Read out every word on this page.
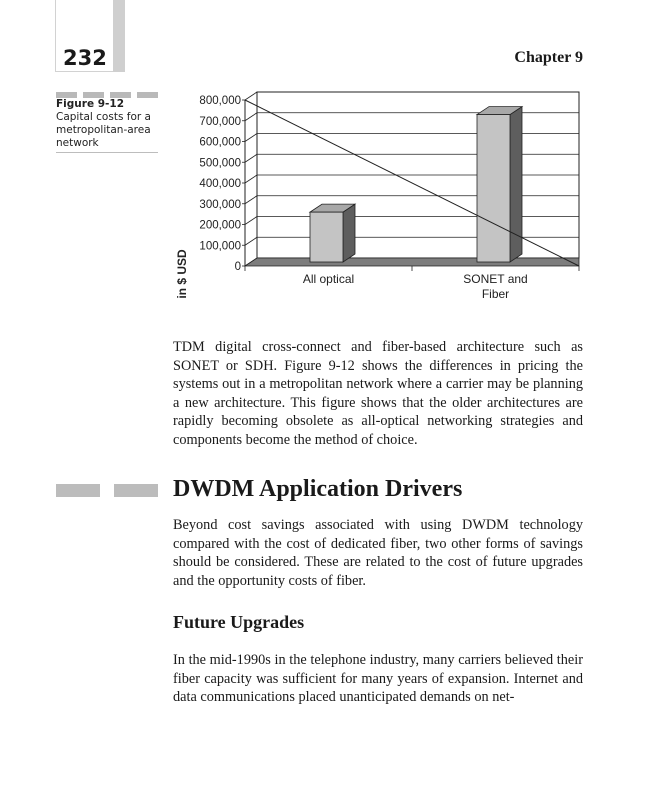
232	Chapter 9
Figure 9-12
Capital costs for a metropolitan-area network
in $ USD	0
100,000
200,000
300,000
400,000
500,000
600,000
700,000
800,000
All optical	SONET and Fiber

TDM digital cross-connect and fiber-based architecture such as SONET or SDH. Figure 9-12 shows the differences in pricing the systems out in a metropolitan network where a carrier may be planning a new architecture. This figure shows that the older architectures are rapidly becoming obsolete as all-optical networking strategies and components become the method of choice.

DWDM Application Drivers

Beyond cost savings associated with using DWDM technology compared with the cost of dedicated fiber, two other forms of savings should be considered. These are related to the cost of future upgrades and the opportunity costs of fiber.

Future Upgrades

In the mid-1990s in the telephone industry, many carriers believed their fiber capacity was sufficient for many years of expansion. Internet and data communications placed unanticipated demands on net-
